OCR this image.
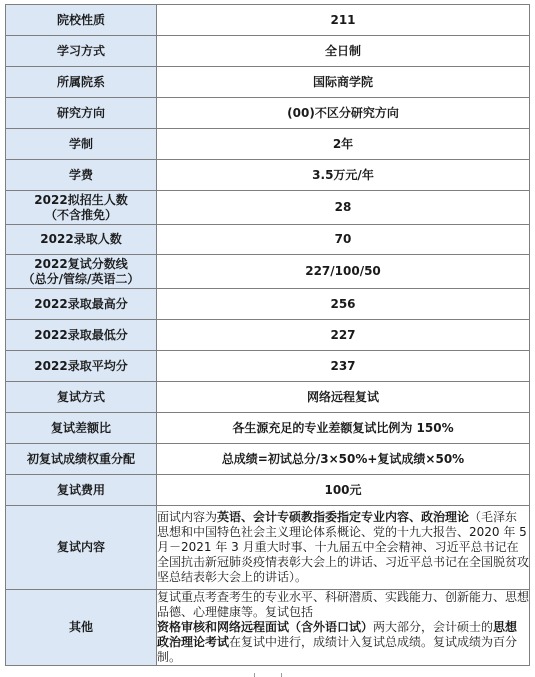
院校性质	211
学习方式	全日制
所属院系	国际商学院
研究方向	(00)不区分研究方向
学制	2年
学费	3.5万元/年

2022拟招生人数
（不含推免）	28
2022录取人数	70

2022复试分数线
（总分/管综/英语二）	227/100/50
2022录取最高分	256
2022录取最低分	227
2022录取平均分	237
复试方式	网络远程复试
复试差额比	各生源充足的专业差额复试比例为 150%
初复试成绩权重分配	总成绩=初试总分/3×50%+复试成绩×50%
复试费用	100元
复试内容	面试内容为英语、会计专硕教指委指定专业内容、政治理论（毛泽东思想和中国特色社会主义理论体系概论、党的十九大报告、2020 年 5 月－2021 年 3 月重大时事、十九届五中全会精神、习近平总书记在全国抗击新冠肺炎疫情表彰大会上的讲话、习近平总书记在全国脱贫攻坚总结表彰大会上的讲话）。
其他	复试重点考查考生的专业水平、科研潜质、实践能力、创新能力、思想品德、心理健康等。复试包括资格审核和网络远程面试（含外语口试）两大部分，会计硕士的思想政治理论考试在复试中进行，成绩计入复试总成绩。复试成绩为百分制。
